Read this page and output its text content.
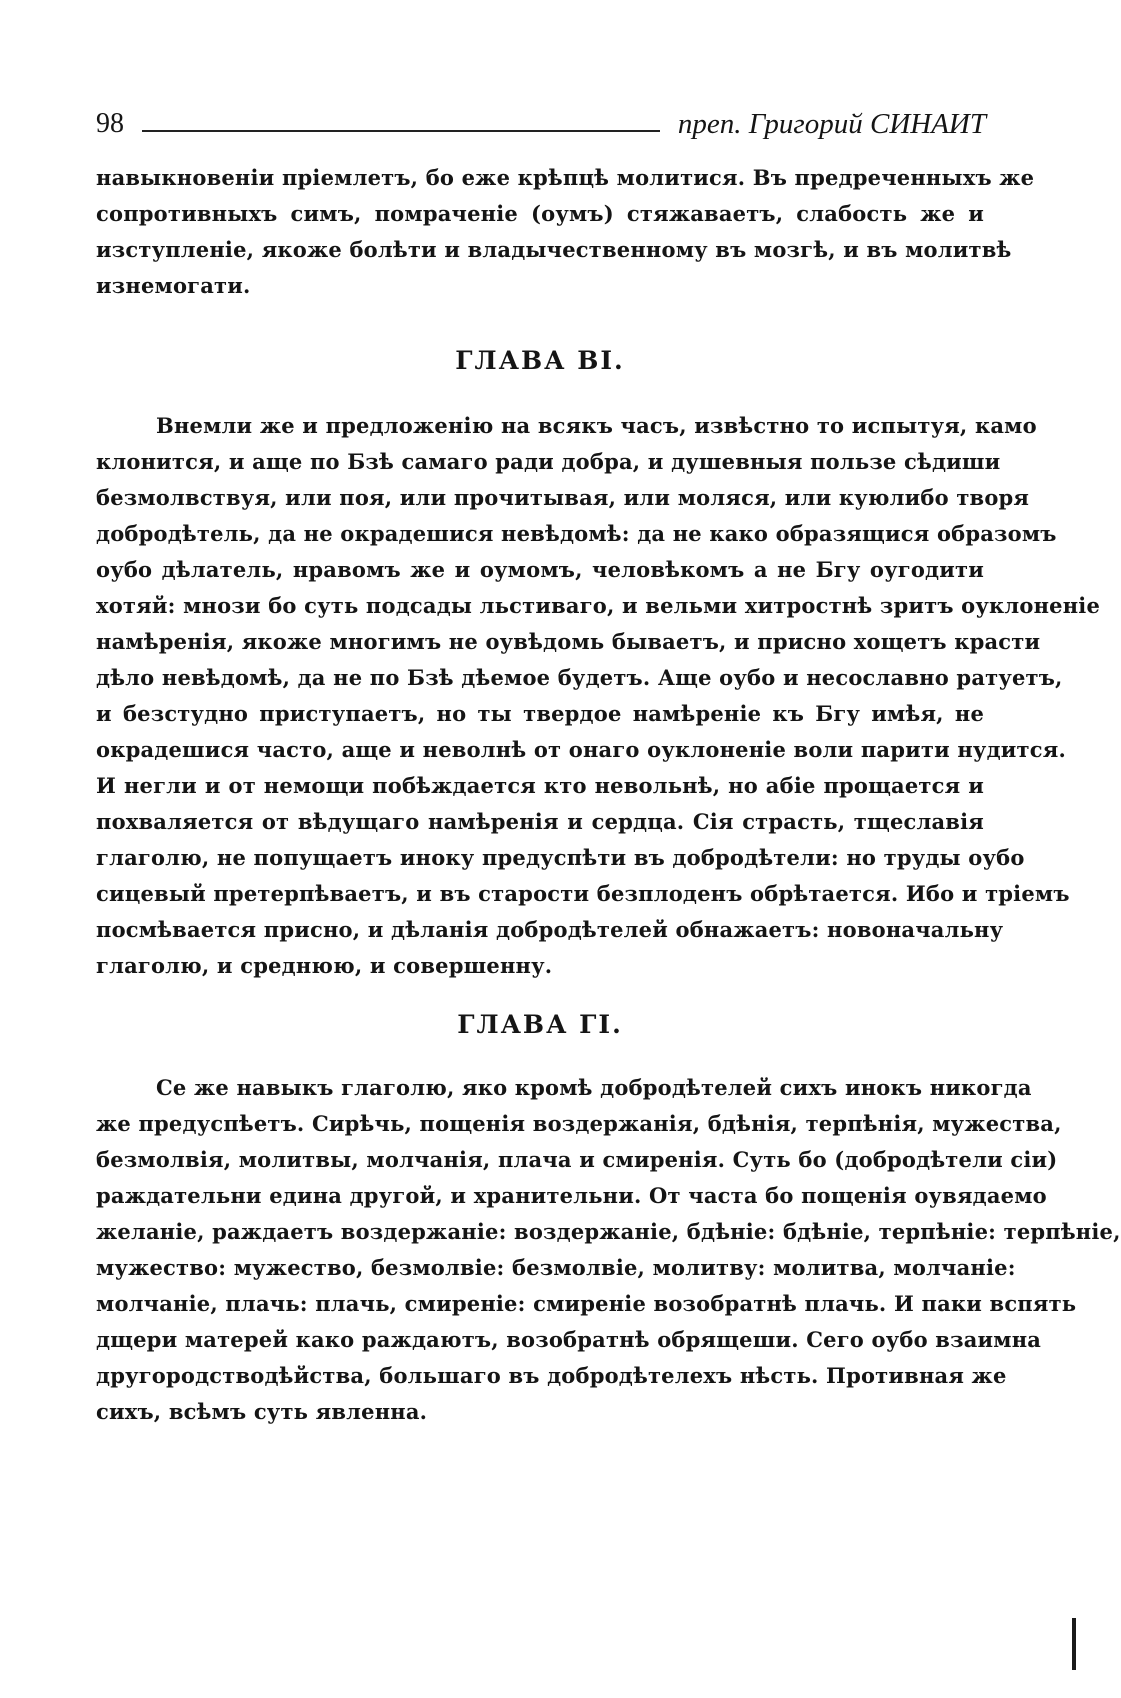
98	преп. Григорий СИНАИТ
навыкновеніи пріемлетъ, бо еже крѣпцѣ молитися. Въ предреченныхъ же
сопротивныхъ симъ, помраченіе (оумъ) стяжаваетъ, слабость же и
изступленіе, якоже болѣти и владычественному въ мозгѣ, и въ молитвѣ
изнемогати.
ГЛАВА ВІ.
Внемли же и предложенію на всякъ часъ, извѣстно то испытуя, камо
клонится, и аще по Бзѣ самаго ради добра, и душевныя пользе сѣдиши
безмолвствуя, или поя, или прочитывая, или моляся, или куюлибо творя
добродѣтель, да не окрадешися невѣдомѣ: да не како образящися образомъ
оубо дѣлатель, нравомъ же и оумомъ, человѣкомъ а не Бгу оугодити
хотяй: мнози бо суть подсады льстиваго, и вельми хитростнѣ зритъ оуклоненіе
намѣренія, якоже многимъ не оувѣдомь бываетъ, и присно хощетъ красти
дѣло невѣдомѣ, да не по Бзѣ дѣемое будетъ. Аще оубо и несославно ратуетъ,
и безстудно приступаетъ, но ты твердое намѣреніе къ Бгу имѣя, не
окрадешися часто, аще и неволнѣ от онаго оуклоненіе воли парити нудится.
И негли и от немощи побѣждается кто невольнѣ, но абіе прощается и
похваляется от вѣдущаго намѣренія и сердца. Сія страсть, тщеславія
глаголю, не попущаетъ иноку предуспѣти въ добродѣтели: но труды оубо
сицевый претерпѣваетъ, и въ старости безплоденъ обрѣтается. Ибо и тріемъ
посмѣвается присно, и дѣланія добродѣтелей обнажаетъ: новоначальну
глаголю, и среднюю, и совершенну.
ГЛАВА ГІ.
Се же навыкъ глаголю, яко кромѣ добродѣтелей сихъ инокъ никогда
же предуспѣетъ. Сирѣчь, пощенія воздержанія, бдѣнія, терпѣнія, мужества,
безмолвія, молитвы, молчанія, плача и смиренія. Суть бо (добродѣтели сіи)
раждательни едина другой, и хранительни. От часта бо пощенія оувядаемо
желаніе, раждаетъ воздержаніе: воздержаніе, бдѣніе: бдѣніе, терпѣніе: терпѣніе,
мужество: мужество, безмолвіе: безмолвіе, молитву: молитва, молчаніе:
молчаніе, плачь: плачь, смиреніе: смиреніе возобратнѣ плачь. И паки вспять
дщери матерей како раждаютъ, возобратнѣ обрящеши. Сего оубо взаимна
другородстводѣйства, большаго въ добродѣтелехъ нѣсть. Противная же
сихъ, всѣмъ суть явленна.
